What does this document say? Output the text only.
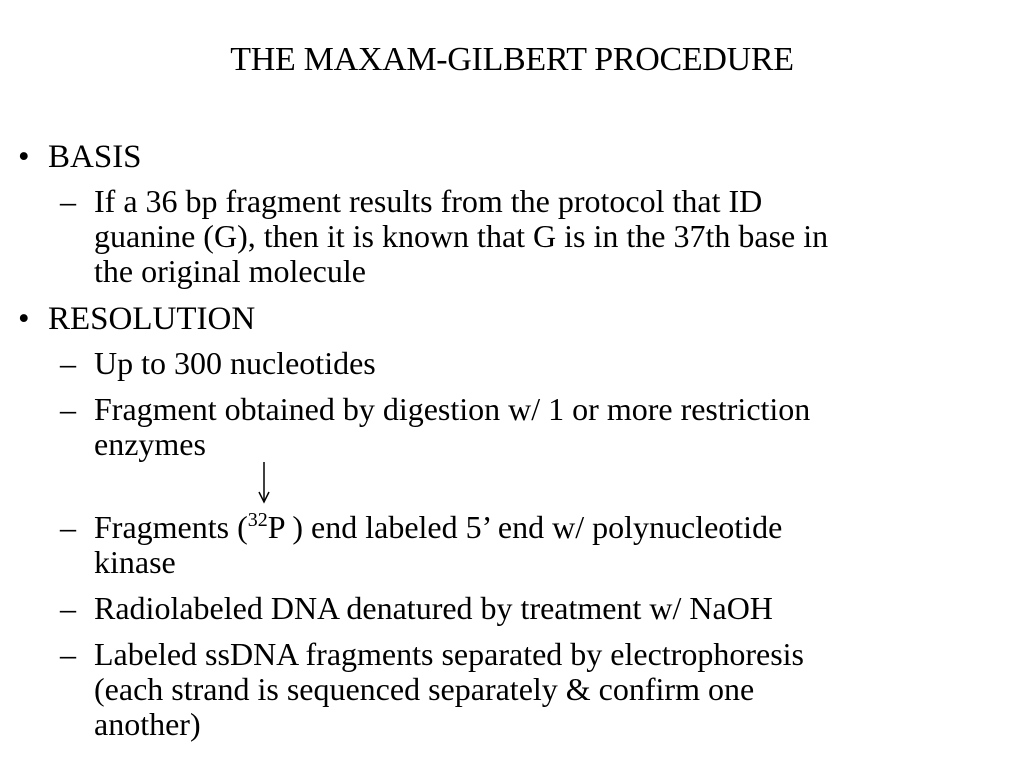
THE MAXAM-GILBERT PROCEDURE
• BASIS
– If a 36 bp fragment results from the protocol that ID
guanine (G), then it is known that G is in the 37th base in
the original molecule
• RESOLUTION
– Up to 300 nucleotides
– Fragment obtained by digestion w/ 1 or more restriction
enzymes
– Fragments ($^{32}$P ) end labeled 5’ end w/ polynucleotide
kinase
– Radiolabeled DNA denatured by treatment w/ NaOH
– Labeled ssDNA fragments separated by electrophoresis
(each strand is sequenced separately & confirm one
another)
